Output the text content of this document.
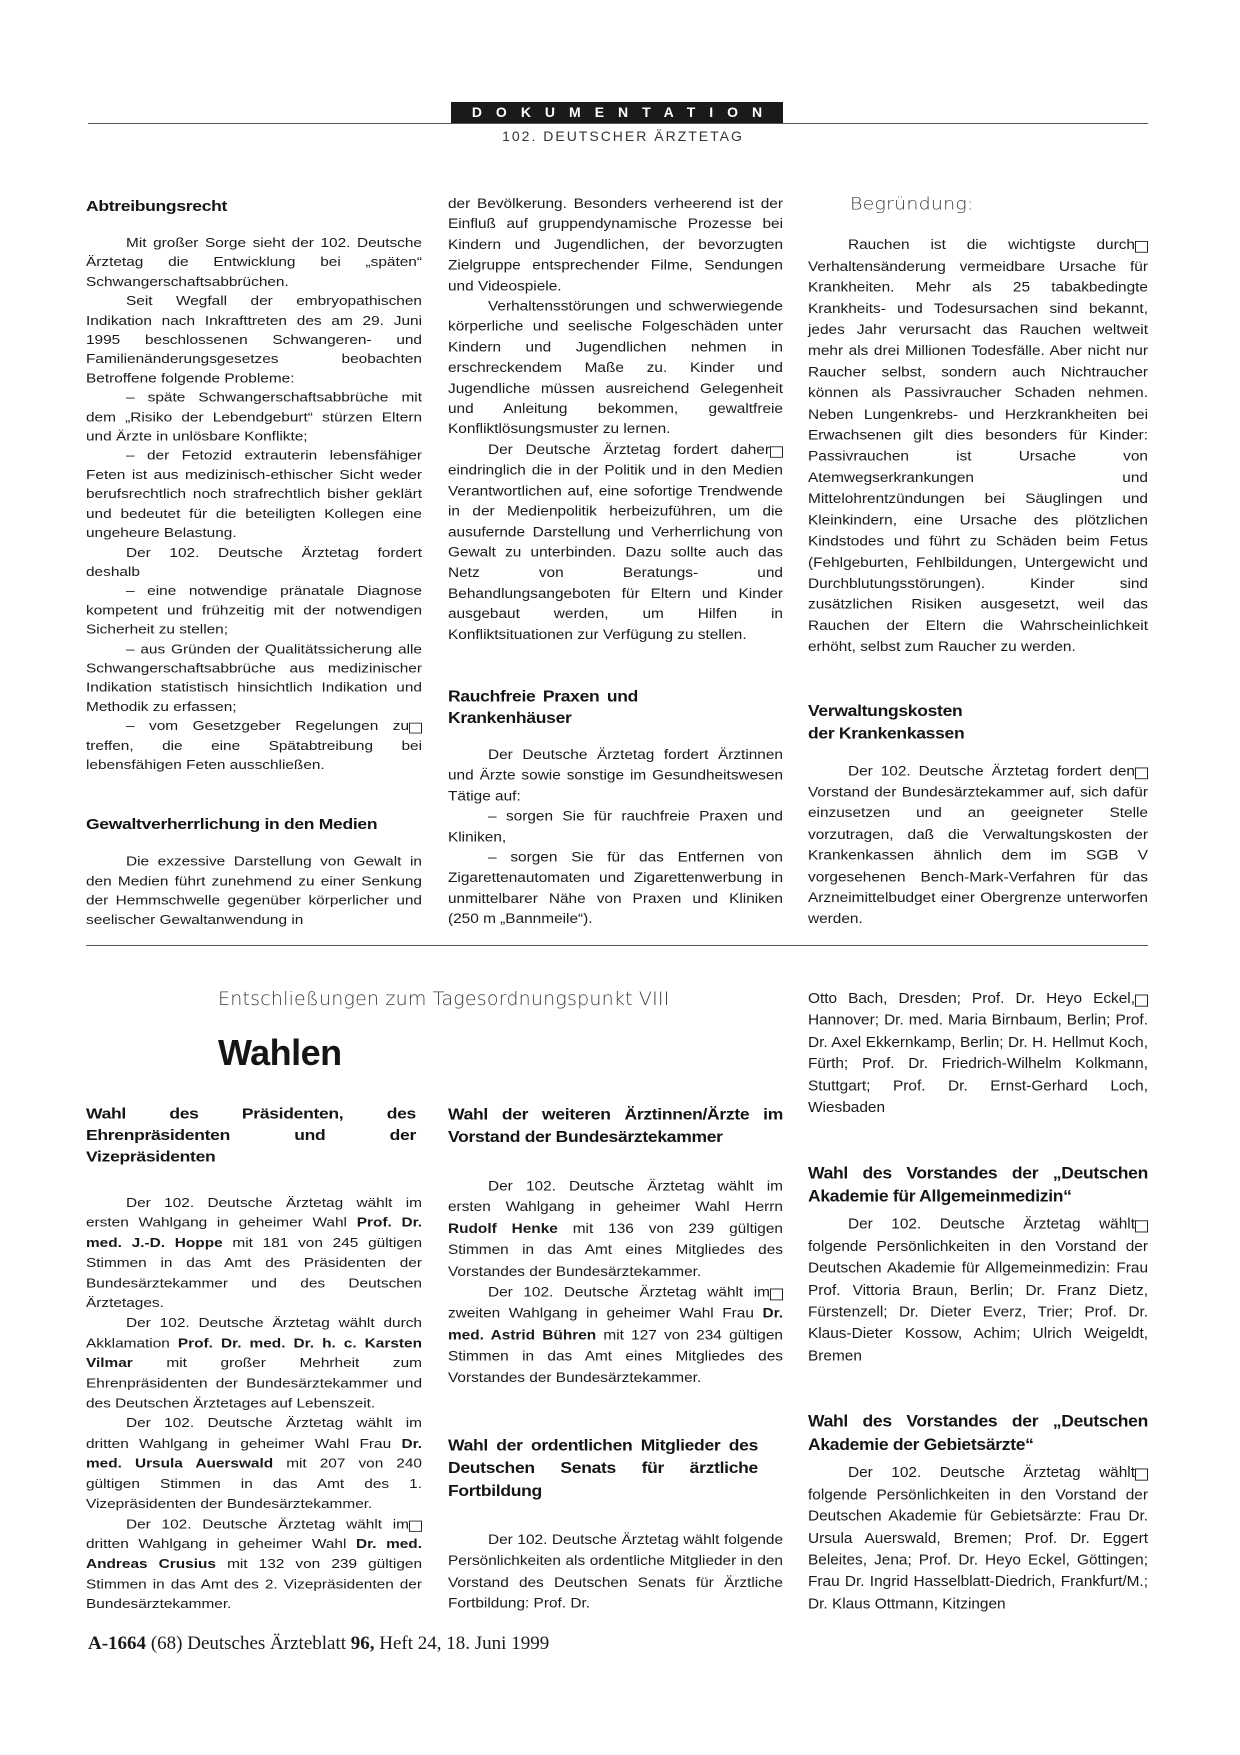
DOKUMENTATION
102. DEUTSCHER ÄRZTETAG
Abtreibungsrecht

Mit großer Sorge sieht der 102. Deutsche Ärztetag die Entwicklung bei „späten“ Schwangerschaftsabbrüchen.

Seit Wegfall der embryopathischen Indikation nach Inkrafttreten des am 29. Juni 1995 beschlossenen Schwangeren- und Familienänderungsgesetzes beobachten Betroffene folgende Probleme:

– späte Schwangerschaftsabbrüche mit dem „Risiko der Lebendgeburt“ stürzen Eltern und Ärzte in unlösbare Konflikte;

– der Fetozid extrauterin lebensfähiger Feten ist aus medizinisch-ethischer Sicht weder berufsrechtlich noch strafrechtlich bisher geklärt und bedeutet für die beteiligten Kollegen eine ungeheure Belastung.

Der 102. Deutsche Ärztetag fordert deshalb

– eine notwendige pränatale Diagnose kompetent und frühzeitig mit der notwendigen Sicherheit zu stellen;

– aus Gründen der Qualitätssicherung alle Schwangerschaftsabbrüche aus medizinischer Indikation statistisch hinsichtlich Indikation und Methodik zu erfassen;

– vom Gesetzgeber Regelungen zu treffen, die eine Spätabtreibung bei lebensfähigen Feten ausschließen.

Gewaltverherrlichung in den Medien

Die exzessive Darstellung von Gewalt in den Medien führt zunehmend zu einer Senkung der Hemmschwelle gegenüber körperlicher und seelischer Gewaltanwendung in

der Bevölkerung. Besonders verheerend ist der Einfluß auf gruppendynamische Prozesse bei Kindern und Jugendlichen, der bevorzugten Zielgruppe entsprechender Filme, Sendungen und Videospiele.

Verhaltensstörungen und schwerwiegende körperliche und seelische Folgeschäden unter Kindern und Jugendlichen nehmen in erschreckendem Maße zu. Kinder und Jugendliche müssen ausreichend Gelegenheit und Anleitung bekommen, gewaltfreie Konfliktlösungsmuster zu lernen.

Der Deutsche Ärztetag fordert daher eindringlich die in der Politik und in den Medien Verantwortlichen auf, eine sofortige Trendwende in der Medienpolitik herbeizuführen, um die ausufernde Darstellung und Verherrlichung von Gewalt zu unterbinden. Dazu sollte auch das Netz von Beratungs- und Behandlungsangeboten für Eltern und Kinder ausgebaut werden, um Hilfen in Konfliktsituationen zur Verfügung zu stellen.

Rauchfreie Praxen und Krankenhäuser

Der Deutsche Ärztetag fordert Ärztinnen und Ärzte sowie sonstige im Gesundheitswesen Tätige auf:

– sorgen Sie für rauchfreie Praxen und Kliniken,

– sorgen Sie für das Entfernen von Zigarettenautomaten und Zigarettenwerbung in unmittelbarer Nähe von Praxen und Kliniken (250 m „Bannmeile“).

Begründung:

Rauchen ist die wichtigste durch Verhaltensänderung vermeidbare Ursache für Krankheiten. Mehr als 25 tabakbedingte Krankheits- und Todesursachen sind bekannt, jedes Jahr verursacht das Rauchen weltweit mehr als drei Millionen Todesfälle. Aber nicht nur Raucher selbst, sondern auch Nichtraucher können als Passivraucher Schaden nehmen. Neben Lungenkrebs- und Herzkrankheiten bei Erwachsenen gilt dies besonders für Kinder: Passivrauchen ist Ursache von Atemwegserkrankungen und Mittelohrentzündungen bei Säuglingen und Kleinkindern, eine Ursache des plötzlichen Kindstodes und führt zu Schäden beim Fetus (Fehlgeburten, Fehlbildungen, Untergewicht und Durchblutungsstörungen). Kinder sind zusätzlichen Risiken ausgesetzt, weil das Rauchen der Eltern die Wahrscheinlichkeit erhöht, selbst zum Raucher zu werden.

Verwaltungskosten der Krankenkassen

Der 102. Deutsche Ärztetag fordert den Vorstand der Bundesärztekammer auf, sich dafür einzusetzen und an geeigneter Stelle vorzutragen, daß die Verwaltungskosten der Krankenkassen ähnlich dem im SGB V vorgesehenen Bench-Mark-Verfahren für das Arzneimittelbudget einer Obergrenze unterworfen werden.

Entschließungen zum Tagesordnungspunkt VIII
Wahlen
Wahl des Präsidenten, des Ehrenpräsidenten und der Vizepräsidenten

Der 102. Deutsche Ärztetag wählt im ersten Wahlgang in geheimer Wahl Prof. Dr. med. J.-D. Hoppe mit 181 von 245 gültigen Stimmen in das Amt des Präsidenten der Bundesärztekammer und des Deutschen Ärztetages.

Der 102. Deutsche Ärztetag wählt durch Akklamation Prof. Dr. med. Dr. h. c. Karsten Vilmar mit großer Mehrheit zum Ehrenpräsidenten der Bundesärztekammer und des Deutschen Ärztetages auf Lebenszeit.

Der 102. Deutsche Ärztetag wählt im dritten Wahlgang in geheimer Wahl Frau Dr. med. Ursula Auerswald mit 207 von 240 gültigen Stimmen in das Amt des 1. Vizepräsidenten der Bundesärztekammer.

Der 102. Deutsche Ärztetag wählt im dritten Wahlgang in geheimer Wahl Dr. med. Andreas Crusius mit 132 von 239 gültigen Stimmen in das Amt des 2. Vizepräsidenten der Bundesärztekammer.

Wahl der weiteren Ärztinnen/Ärzte im Vorstand der Bundesärztekammer

Der 102. Deutsche Ärztetag wählt im ersten Wahlgang in geheimer Wahl Herrn Rudolf Henke mit 136 von 239 gültigen Stimmen in das Amt eines Mitgliedes des Vorstandes der Bundesärztekammer.

Der 102. Deutsche Ärztetag wählt im zweiten Wahlgang in geheimer Wahl Frau Dr. med. Astrid Bühren mit 127 von 234 gültigen Stimmen in das Amt eines Mitgliedes des Vorstandes der Bundesärztekammer.

Wahl der ordentlichen Mitglieder des Deutschen Senats für ärztliche Fortbildung

Der 102. Deutsche Ärztetag wählt folgende Persönlichkeiten als ordentliche Mitglieder in den Vorstand des Deutschen Senats für Ärztliche Fortbildung: Prof. Dr.

Otto Bach, Dresden; Prof. Dr. Heyo Eckel, Hannover; Dr. med. Maria Birnbaum, Berlin; Prof. Dr. Axel Ekkernkamp, Berlin; Dr. H. Hellmut Koch, Fürth; Prof. Dr. Friedrich-Wilhelm Kolkmann, Stuttgart; Prof. Dr. Ernst-Gerhard Loch, Wiesbaden

Wahl des Vorstandes der „Deutschen Akademie für Allgemeinmedizin“

Der 102. Deutsche Ärztetag wählt folgende Persönlichkeiten in den Vorstand der Deutschen Akademie für Allgemeinmedizin: Frau Prof. Vittoria Braun, Berlin; Dr. Franz Dietz, Fürstenzell; Dr. Dieter Everz, Trier; Prof. Dr. Klaus-Dieter Kossow, Achim; Ulrich Weigeldt, Bremen

Wahl des Vorstandes der „Deutschen Akademie der Gebietsärzte“

Der 102. Deutsche Ärztetag wählt folgende Persönlichkeiten in den Vorstand der Deutschen Akademie für Gebietsärzte: Frau Dr. Ursula Auerswald, Bremen; Prof. Dr. Eggert Beleites, Jena; Prof. Dr. Heyo Eckel, Göttingen; Frau Dr. Ingrid Hasselblatt-Diedrich, Frankfurt/M.; Dr. Klaus Ottmann, Kitzingen

A-1664 (68) Deutsches Ärzteblatt 96, Heft 24, 18. Juni 1999
